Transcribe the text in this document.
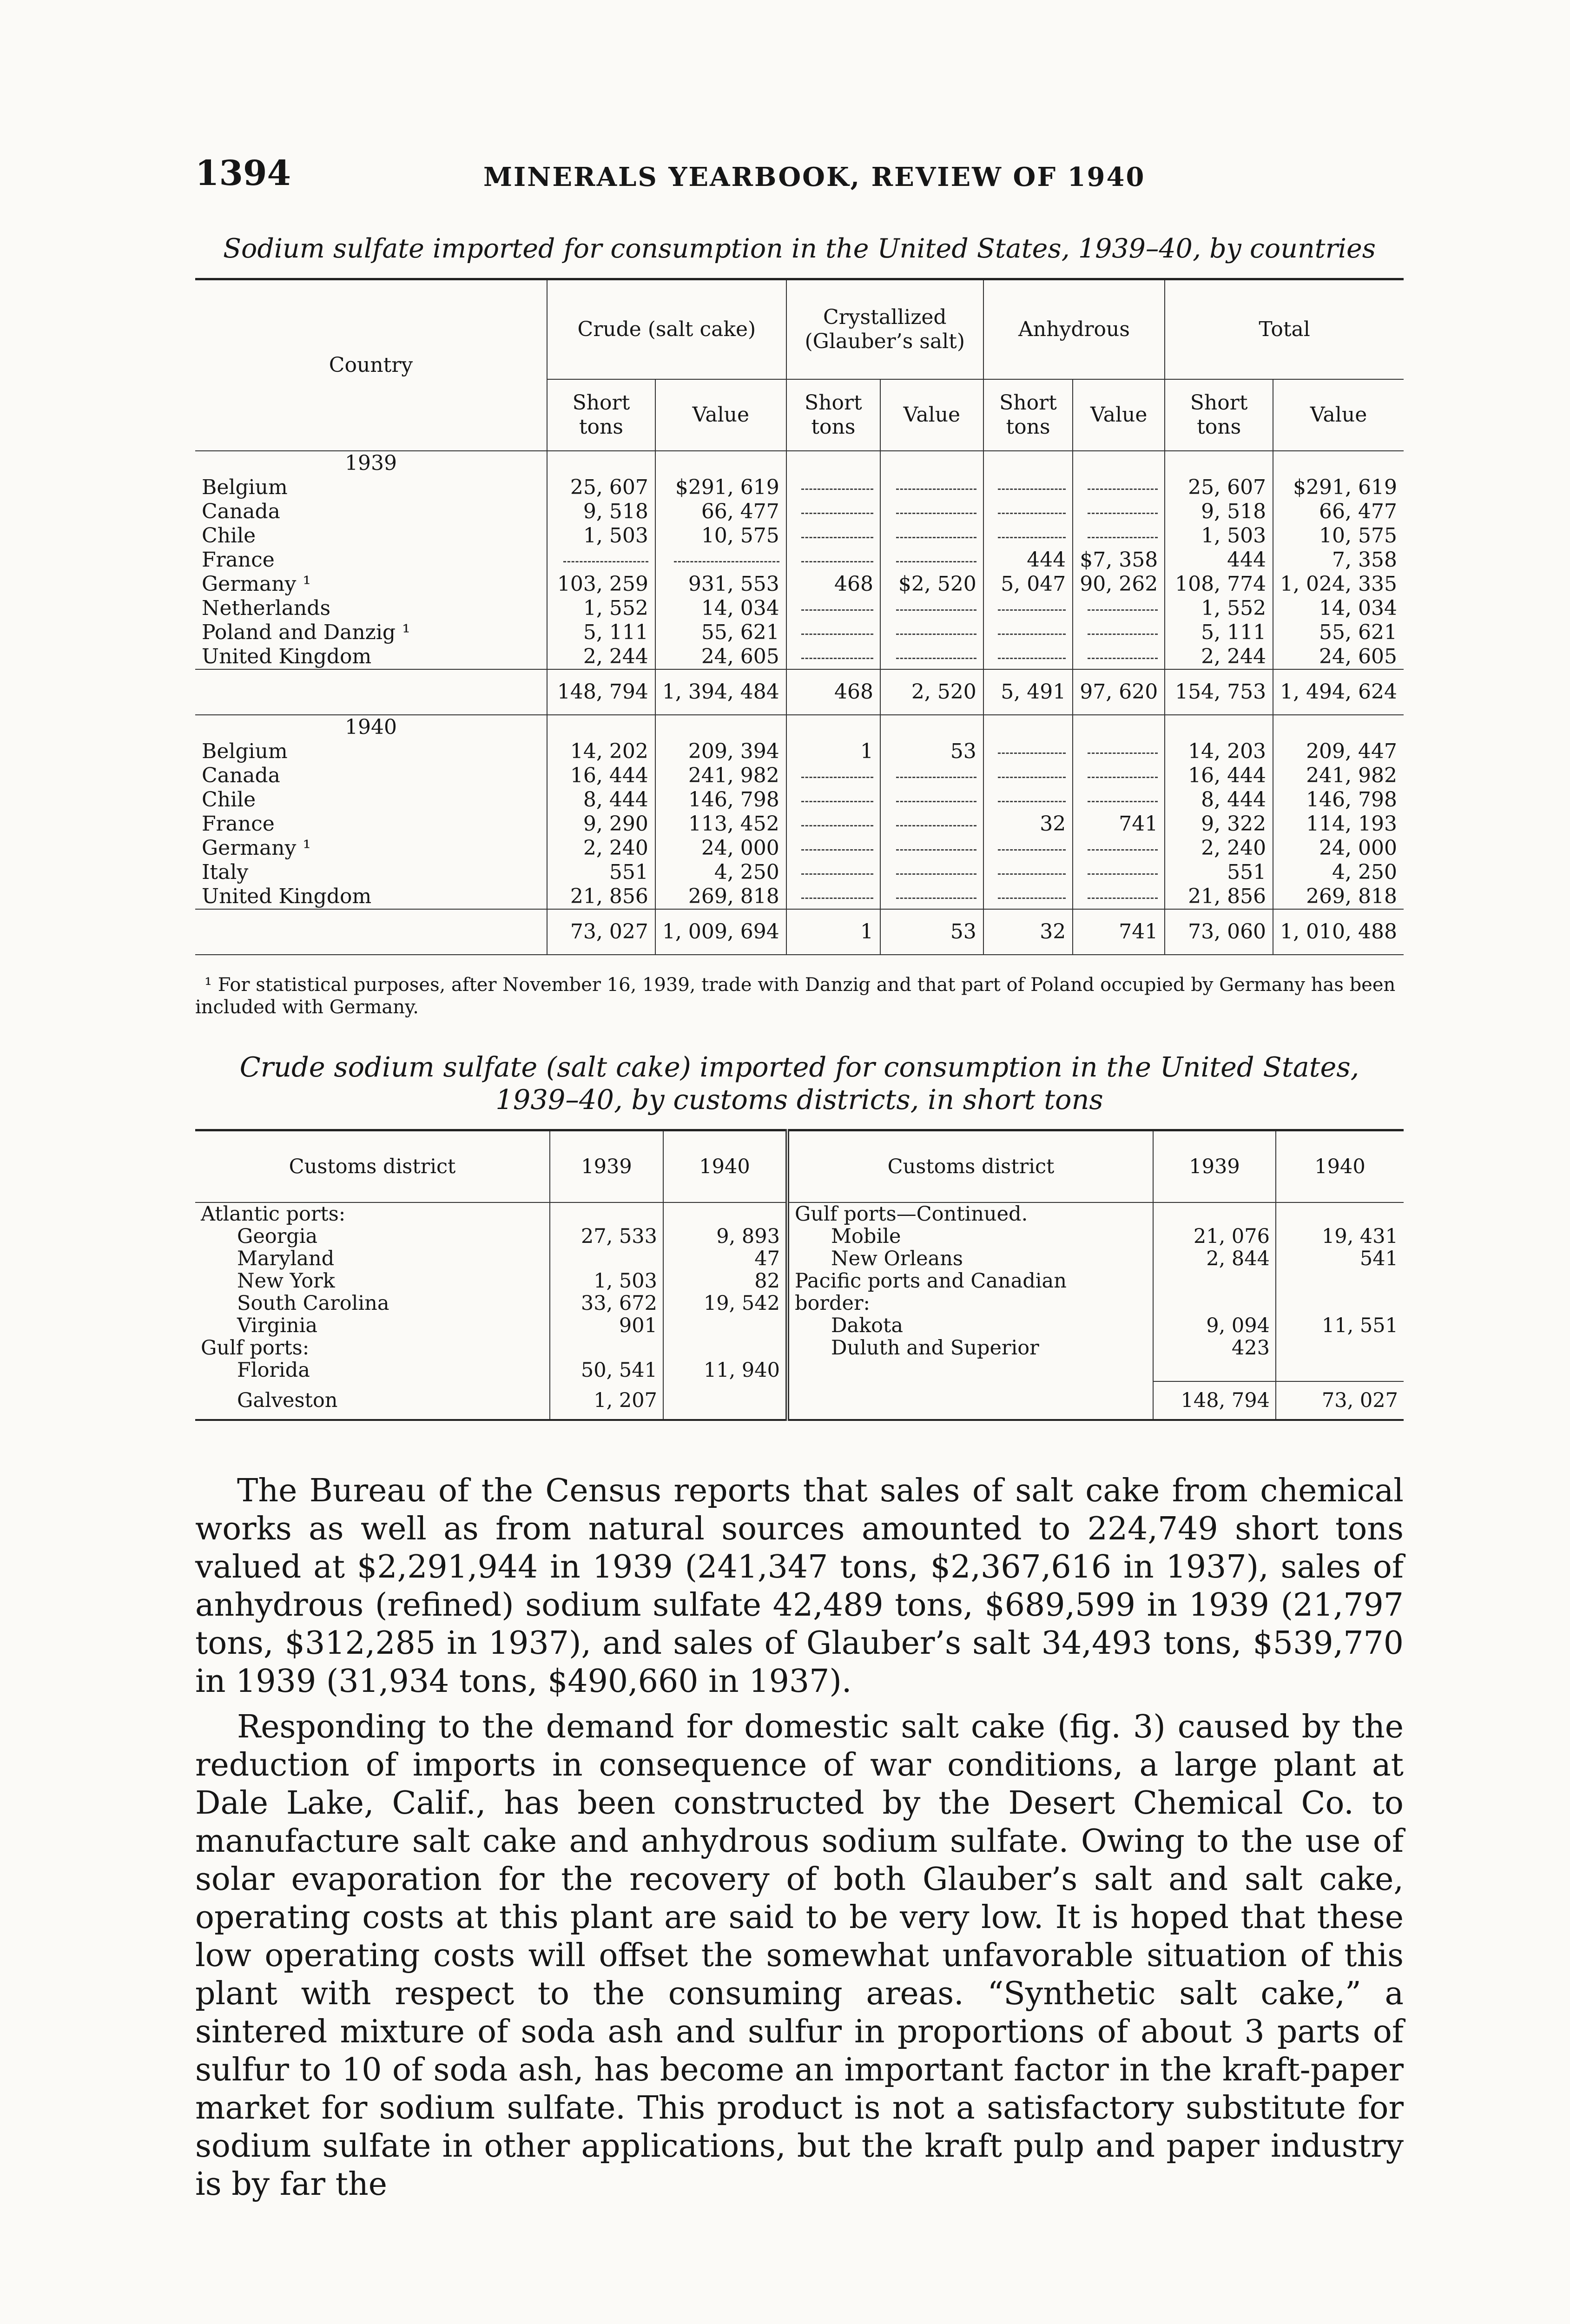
1394	MINERALS YEARBOOK, REVIEW OF 1940
Sodium sulfate imported for consumption in the United States, 1939–40, by countries
Country	Crude (salt cake)		Crystallized (Glauber’s salt)		Anhydrous		Total	
	Short tons	Value	Short tons	Value	Short tons	Value	Short tons	Value
1939								
Belgium	25, 607	$291, 619					25, 607	$291, 619
Canada	9, 518	66, 477					9, 518	66, 477
Chile	1, 503	10, 575					1, 503	10, 575
France					444	$7, 358	444	7, 358
Germany ¹	103, 259	931, 553	468	$2, 520	5, 047	90, 262	108, 774	1, 024, 335
Netherlands	1, 552	14, 034					1, 552	14, 034
Poland and Danzig ¹	5, 111	55, 621					5, 111	55, 621
United Kingdom	2, 244	24, 605					2, 244	24, 605
	148, 794	1, 394, 484	468	2, 520	5, 491	97, 620	154, 753	1, 494, 624
1940								
Belgium	14, 202	209, 394	1	53			14, 203	209, 447
Canada	16, 444	241, 982					16, 444	241, 982
Chile	8, 444	146, 798					8, 444	146, 798
France	9, 290	113, 452			32	741	9, 322	114, 193
Germany ¹	2, 240	24, 000					2, 240	24, 000
Italy	551	4, 250					551	4, 250
United Kingdom	21, 856	269, 818					21, 856	269, 818
	73, 027	1, 009, 694	1	53	32	741	73, 060	1, 010, 488
¹ For statistical purposes, after November 16, 1939, trade with Danzig and that part of Poland occupied by Germany has been included with Germany.
Crude sodium sulfate (salt cake) imported for consumption in the United States,
1939–40, by customs districts, in short tons
Customs district	1939	1940	Customs district	1939	1940
Atlantic ports:			Gulf ports—Continued.		
Georgia	27, 533	9, 893	Mobile	21, 076	19, 431
Maryland		47	New Orleans	2, 844	541
New York	1, 503	82	Pacific ports and Canadian		
South Carolina	33, 672	19, 542	border:		
Virginia	901		Dakota	9, 094	11, 551
Gulf ports:			Duluth and Superior	423	
Florida	50, 541	11, 940			
Galveston	1, 207			148, 794	73, 027

The Bureau of the Census reports that sales of salt cake from chemical works as well as from natural sources amounted to 224,749 short tons valued at $2,291,944 in 1939 (241,347 tons, $2,367,616 in 1937), sales of anhydrous (refined) sodium sulfate 42,489 tons, $689,599 in 1939 (21,797 tons, $312,285 in 1937), and sales of Glauber’s salt 34,493 tons, $539,770 in 1939 (31,934 tons, $490,660 in 1937).

Responding to the demand for domestic salt cake (fig. 3) caused by the reduction of imports in consequence of war conditions, a large plant at Dale Lake, Calif., has been constructed by the Desert Chemical Co. to manufacture salt cake and anhydrous sodium sulfate. Owing to the use of solar evaporation for the recovery of both Glauber’s salt and salt cake, operating costs at this plant are said to be very low. It is hoped that these low operating costs will offset the somewhat unfavorable situation of this plant with respect to the consuming areas. “Synthetic salt cake,” a sintered mixture of soda ash and sulfur in proportions of about 3 parts of sulfur to 10 of soda ash, has become an important factor in the kraft-paper market for sodium sulfate. This product is not a satisfactory substitute for sodium sulfate in other applications, but the kraft pulp and paper industry is by far the
